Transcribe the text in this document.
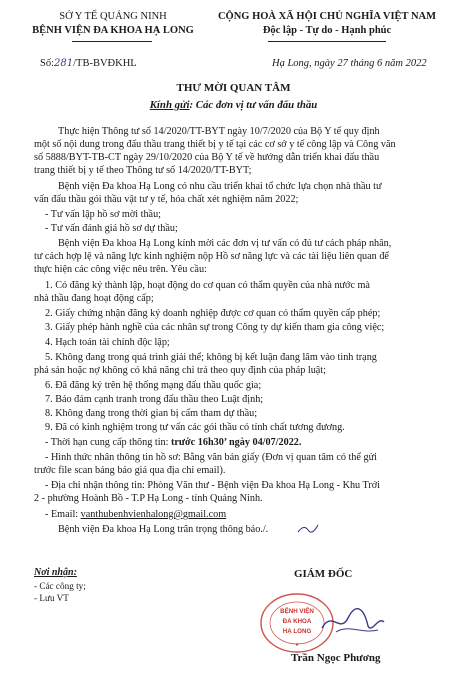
SỞ Y TẾ QUẢNG NINH
BỆNH VIỆN ĐA KHOA HẠ LONG
CỘNG HOÀ XÃ HỘI CHỦ NGHĨA VIỆT NAM
Độc lập - Tự do - Hạnh phúc
Số:281/TB-BVĐKHL	Hạ Long, ngày 27 tháng 6 năm 2022
THƯ MỜI QUAN TÂM
Kính gửi: Các đơn vị tư vấn đấu thầu
Thực hiện Thông tư số 14/2020/TT-BYT ngày 10/7/2020 của Bộ Y tế quy định
một số nội dung trong đấu thầu trang thiết bị y tế tại các cơ sở y tế công lập và Công văn
số 5888/BYT-TB-CT ngày 29/10/2020 của Bộ Y tế về hướng dẫn triển khai đấu thầu
trang thiết bị y tế theo Thông tư số 14/2020/TT-BYT;
Bệnh viện Đa khoa Hạ Long có nhu cầu triển khai tổ chức lựa chọn nhà thầu tư
vấn đấu thầu gói thầu vật tư y tế, hóa chất xét nghiệm năm 2022;
- Tư vấn lập hồ sơ mời thầu;
- Tư vấn đánh giá hồ sơ dự thầu;
Bệnh viện Đa khoa Hạ Long kính mời các đơn vị tư vấn có đủ tư cách pháp nhân,
tư cách hợp lệ và năng lực kinh nghiệm nộp Hồ sơ năng lực và các tài liệu liên quan để
thực hiện các công việc nêu trên. Yêu cầu:
1. Có đăng ký thành lập, hoạt động do cơ quan có thẩm quyền của nhà nước mà
nhà thầu đang hoạt động cấp;
2. Giấy chứng nhận đăng ký doanh nghiệp được cơ quan có thẩm quyền cấp phép;
3. Giấy phép hành nghề của các nhân sự trong Công ty dự kiến tham gia công việc;
4. Hạch toán tài chính độc lập;
5. Không đang trong quá trình giải thể; không bị kết luận đang lâm vào tình trạng
phá sản hoặc nợ không có khả năng chi trả theo quy định của pháp luật;
6. Đã đăng ký trên hệ thống mạng đấu thầu quốc gia;
7. Bảo đảm cạnh tranh trong đấu thầu theo Luật định;
8. Không đang trong thời gian bị cấm tham dự thầu;
9. Đã có kinh nghiệm trong tư vấn các gói thầu có tính chất tương đương.
- Thời hạn cung cấp thông tin: trước 16h30’ ngày 04/07/2022.
- Hình thức nhân thông tin hồ sơ: Bằng văn bản giấy (Đơn vị quan tâm có thể gửi
trước file scan bảng báo giá qua địa chỉ email).
- Địa chỉ nhận thông tin: Phòng Văn thư - Bệnh viện Đa khoa Hạ Long - Khu Trới
2 - phường Hoành Bồ - T.P Hạ Long - tỉnh Quảng Ninh.
- Email: vanthubenhvienhalong@gmail.com
Bệnh viện Đa khoa Hạ Long trân trọng thông báo./.
Nơi nhận:
- Các công ty;
- Lưu VT
GIÁM ĐỐC
BỆNH VIỆN
ĐA KHOA
HẠ LONG
★
Trần Ngọc Phương
